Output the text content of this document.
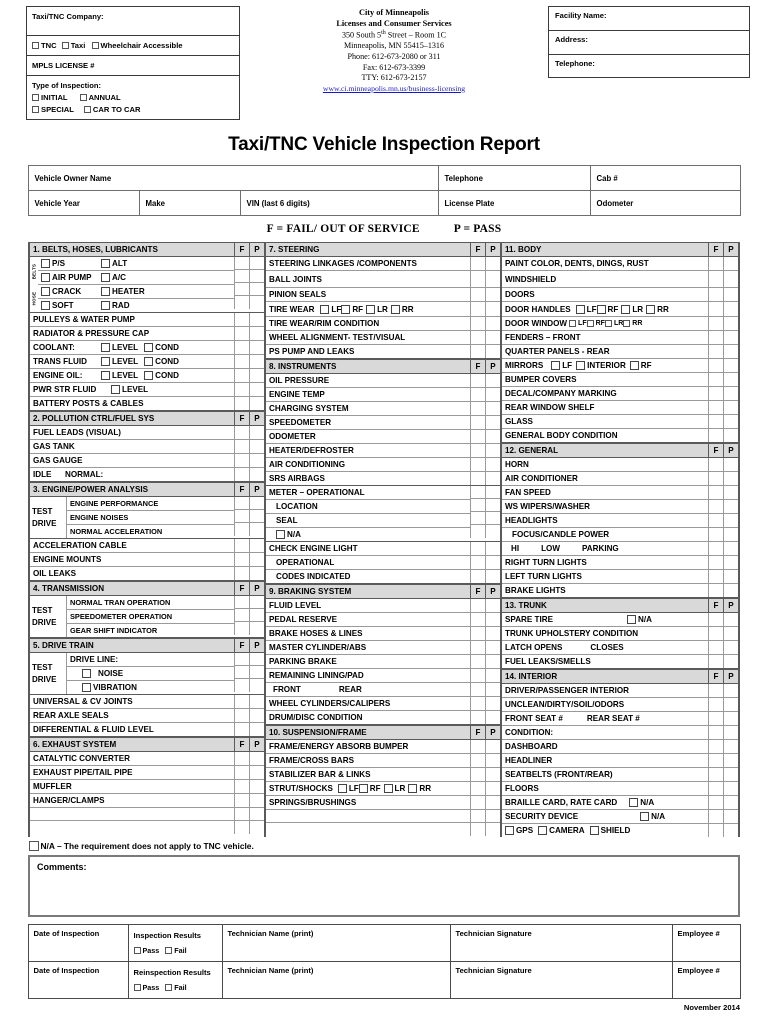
Taxi/TNC Company:
TNC Taxi Wheelchair Accessible
MPLS LICENSE #
Type of Inspection:
INITIAL	ANNUAL
SPECIAL	CAR TO CAR
City of Minneapolis
Licenses and Consumer Services
350 South 5th Street – Room 1C
Minneapolis, MN 55415–1316
Phone: 612-673-2080 or 311
Fax: 612-673-3399
TTY: 612-673-2157
www.ci.minneapolis.mn.us/business-licensing
Facility Name:
Address:
Telephone:
Taxi/TNC Vehicle Inspection Report
Vehicle Owner Name			Telephone	Cab #
Vehicle Year	Make	VIN (last 6 digits)	License Plate	Odometer
F = FAIL/ OUT OF SERVICE	P = PASS
1. BELTS, HOSES, LUBRICANTS	F	P
BELTS
HOSE
P/S	ALT
AIR PUMP	A/C
CRACK	HEATER
SOFT	RAD
PULLEYS & WATER PUMP
RADIATOR & PRESSURE CAP
COOLANT:	LEVEL COND
TRANS FLUID	LEVEL COND
ENGINE OIL:	LEVEL COND
PWR STR FLUID	LEVEL
BATTERY POSTS & CABLES
2. POLLUTION CTRL/FUEL SYS	F	P
FUEL LEADS (VISUAL)
GAS TANK
GAS GAUGE
IDLE	NORMAL:
3. ENGINE/POWER ANALYSIS	F	P
TEST
DRIVE
ENGINE PERFORMANCE
ENGINE NOISES
NORMAL ACCELERATION
ACCELERATION CABLE
ENGINE MOUNTS
OIL LEAKS
4. TRANSMISSION	F	P
TEST
DRIVE
NORMAL TRAN OPERATION
SPEEDOMETER OPERATION
GEAR SHIFT INDICATOR
5. DRIVE TRAIN	F	P
TEST
DRIVE
DRIVE LINE:
NOISE
VIBRATION
UNIVERSAL & CV JOINTS
REAR AXLE SEALS
DIFFERENTIAL & FLUID LEVEL
6. EXHAUST SYSTEM	F	P
CATALYTIC CONVERTER
EXHAUST PIPE/TAIL PIPE
MUFFLER
HANGER/CLAMPS
7. STEERING	F	P
STEERING LINKAGES /COMPONENTS
BALL JOINTS
PINION SEALS
TIRE WEAR LF RF LR RR
TIRE WEAR/RIM CONDITION
WHEEL ALIGNMENT- TEST/VISUAL
PS PUMP AND LEAKS
8. INSTRUMENTS	F	P
OIL PRESSURE
ENGINE TEMP
CHARGING SYSTEM
SPEEDOMETER
ODOMETER
HEATER/DEFROSTER
AIR CONDITIONING
SRS AIRBAGS
METER – OPERATIONAL
LOCATION
SEAL
N/A
CHECK ENGINE LIGHT
OPERATIONAL
CODES INDICATED
9. BRAKING SYSTEM	F	P
FLUID LEVEL
PEDAL RESERVE
BRAKE HOSES & LINES
MASTER CYLINDER/ABS
PARKING BRAKE
REMAINING LINING/PAD
FRONT	REAR
WHEEL CYLINDERS/CALIPERS
DRUM/DISC CONDITION
10. SUSPENSION/FRAME	F	P
FRAME/ENERGY ABSORB BUMPER
FRAME/CROSS BARS
STABILIZER BAR & LINKS
STRUT/SHOCKS LF RF LR RR
SPRINGS/BRUSHINGS
11. BODY	F	P
PAINT COLOR, DENTS, DINGS, RUST
WINDSHIELD
DOORS
DOOR HANDLES LF RF LR RR
DOOR WINDOW LF RF LR RR
FENDERS – FRONT
QUARTER PANELS - REAR
MIRRORS LF INTERIOR RF
BUMPER COVERS
DECAL/COMPANY MARKING
REAR WINDOW SHELF
GLASS
GENERAL BODY CONDITION
12. GENERAL	F	P
HORN
AIR CONDITIONER
FAN SPEED
WS WIPERS/WASHER
HEADLIGHTS
FOCUS/CANDLE POWER
HI	LOW	PARKING
RIGHT TURN LIGHTS
LEFT TURN LIGHTS
BRAKE LIGHTS
13. TRUNK	F	P
SPARE TIRE	N/A
TRUNK UPHOLSTERY CONDITION
LATCH OPENS	CLOSES
FUEL LEAKS/SMELLS
14. INTERIOR	F	P
DRIVER/PASSENGER INTERIOR
UNCLEAN/DIRTY/SOIL/ODORS
FRONT SEAT #	REAR SEAT #
CONDITION:
DASHBOARD
HEADLINER
SEATBELTS (FRONT/REAR)
FLOORS
BRAILLE CARD, RATE CARD	N/A
SECURITY DEVICE	N/A
GPS CAMERA SHIELD
N/A – The requirement does not apply to TNC vehicle.
Comments:
Date of Inspection	Inspection Results
Pass Fail	Technician Name (print)	Technician Signature	Employee #
Date of Inspection	Reinspection Results
Pass Fail	Technician Name (print)	Technician Signature	Employee #
November 2014
